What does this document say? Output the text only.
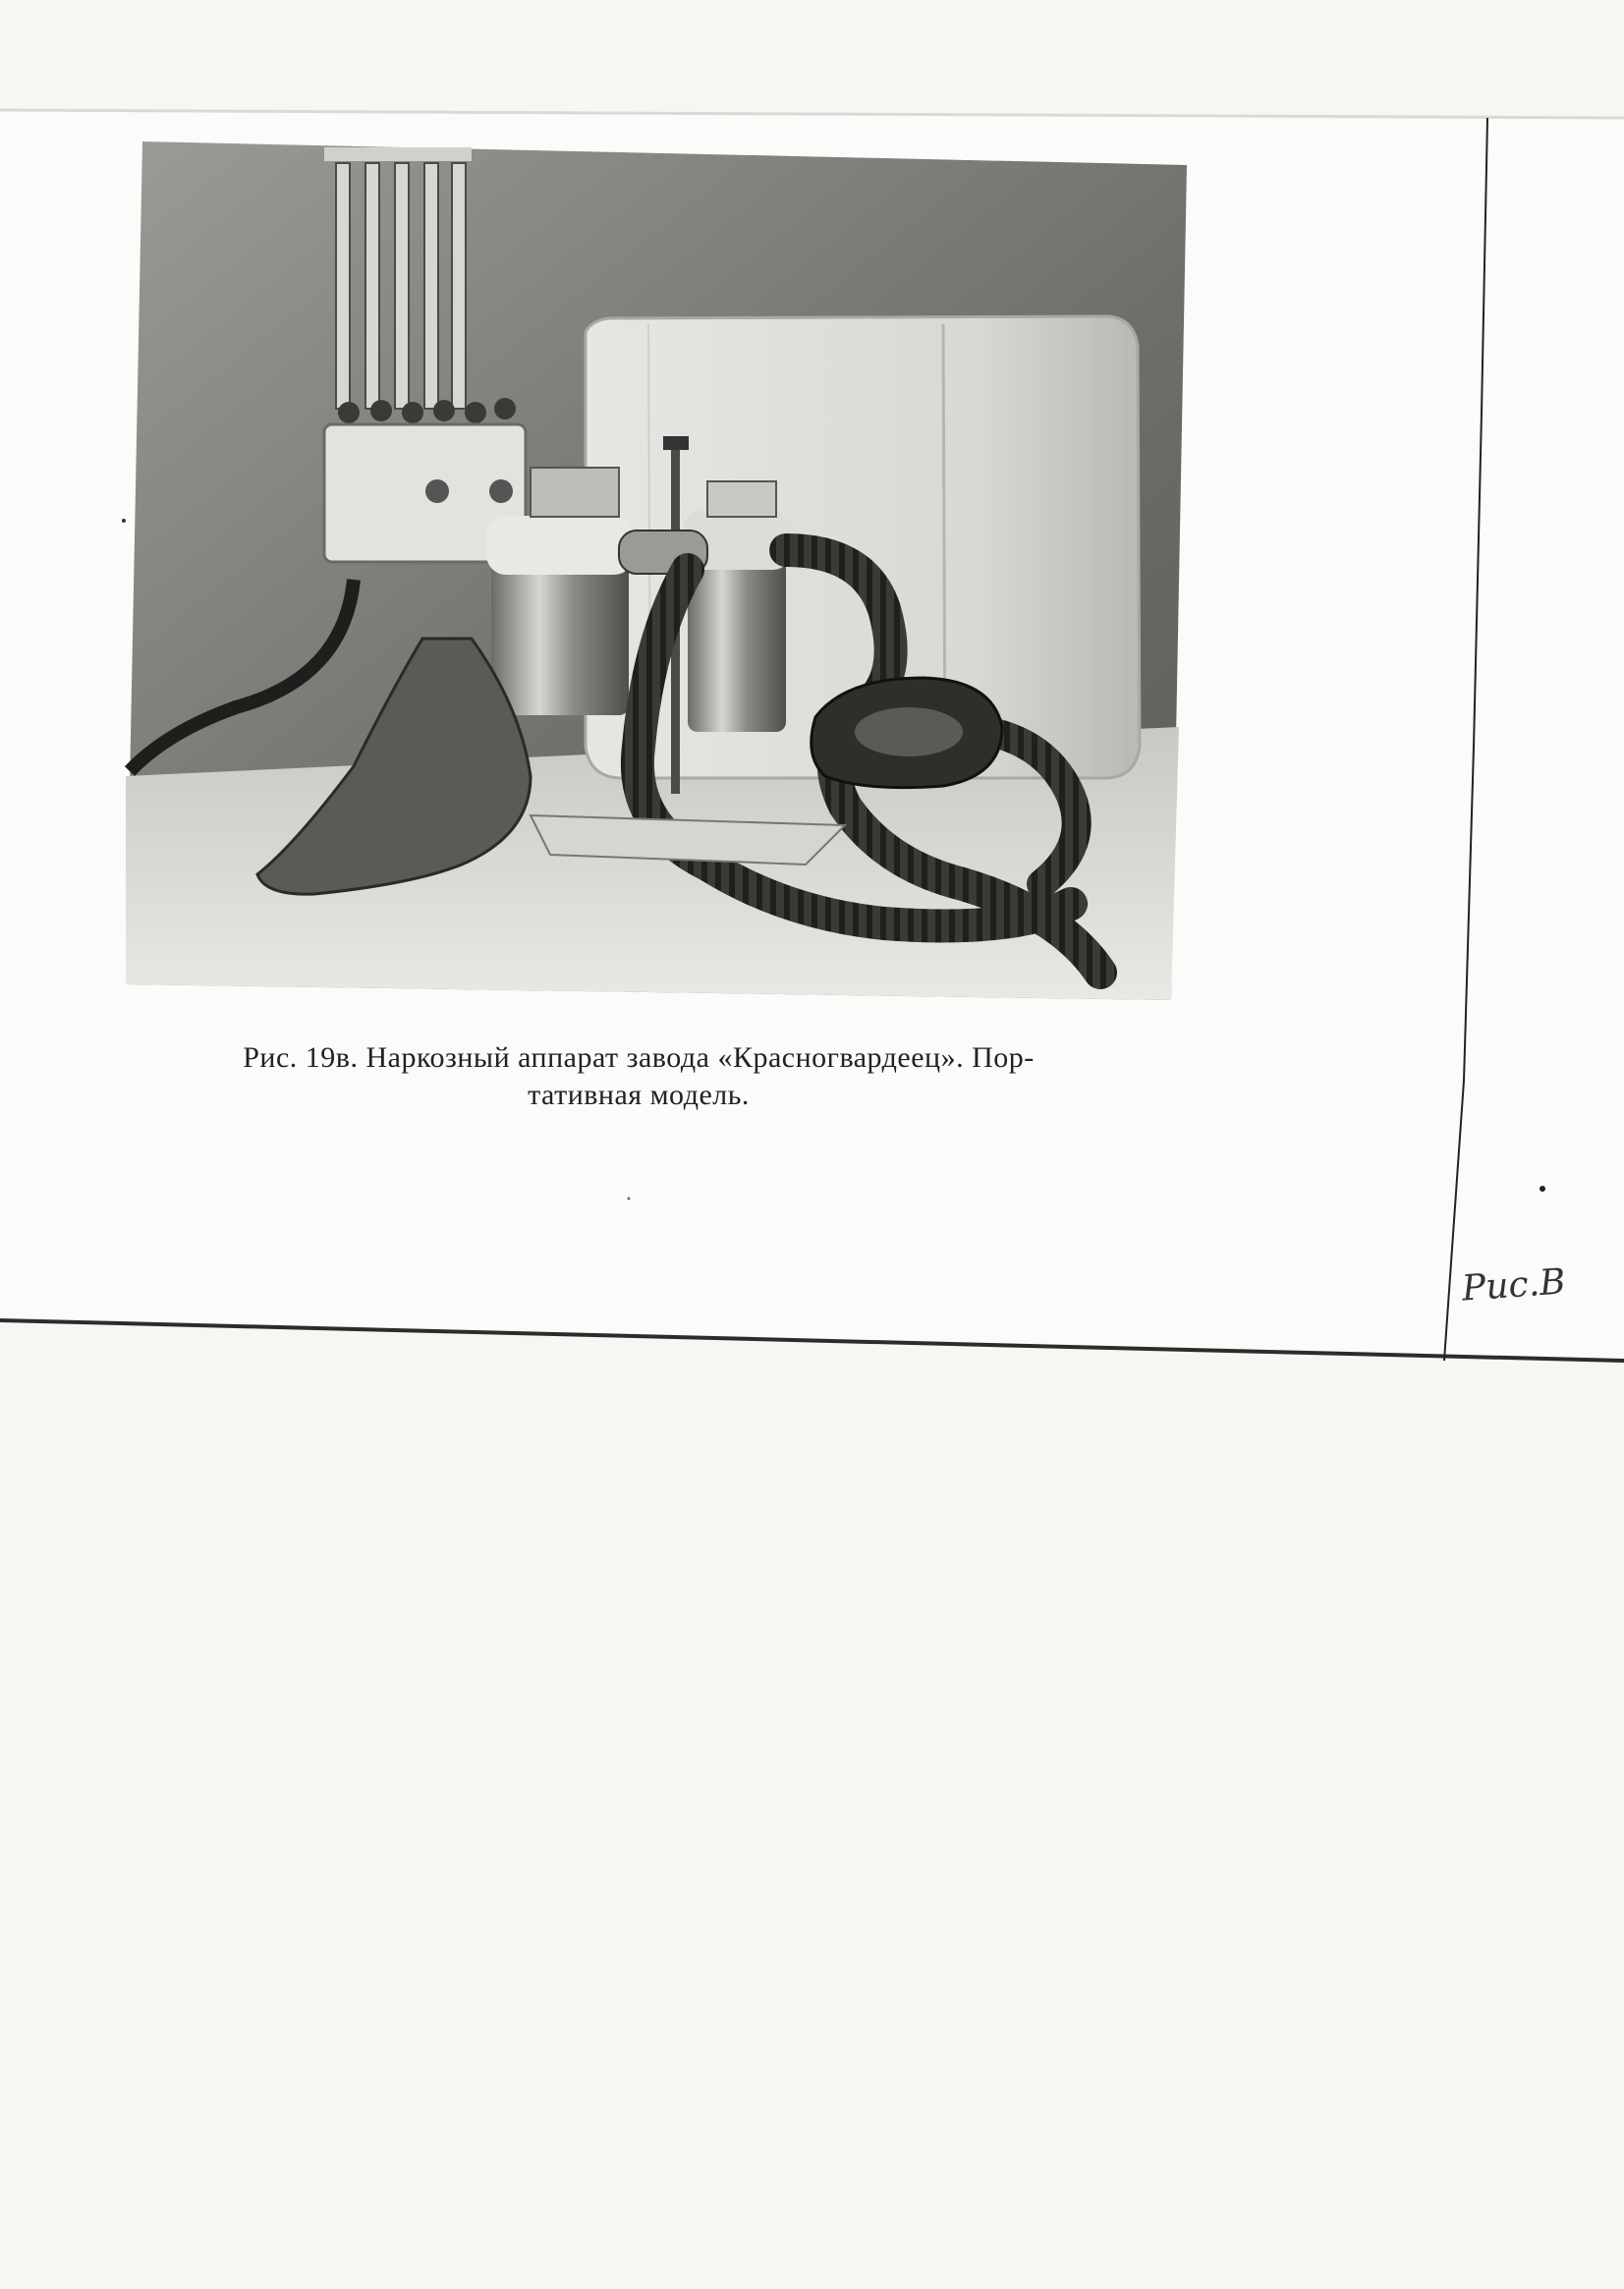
Рис. 19в. Наркозный аппарат завода «Красногвардеец». Пор-
тативная модель.
Рис.В
